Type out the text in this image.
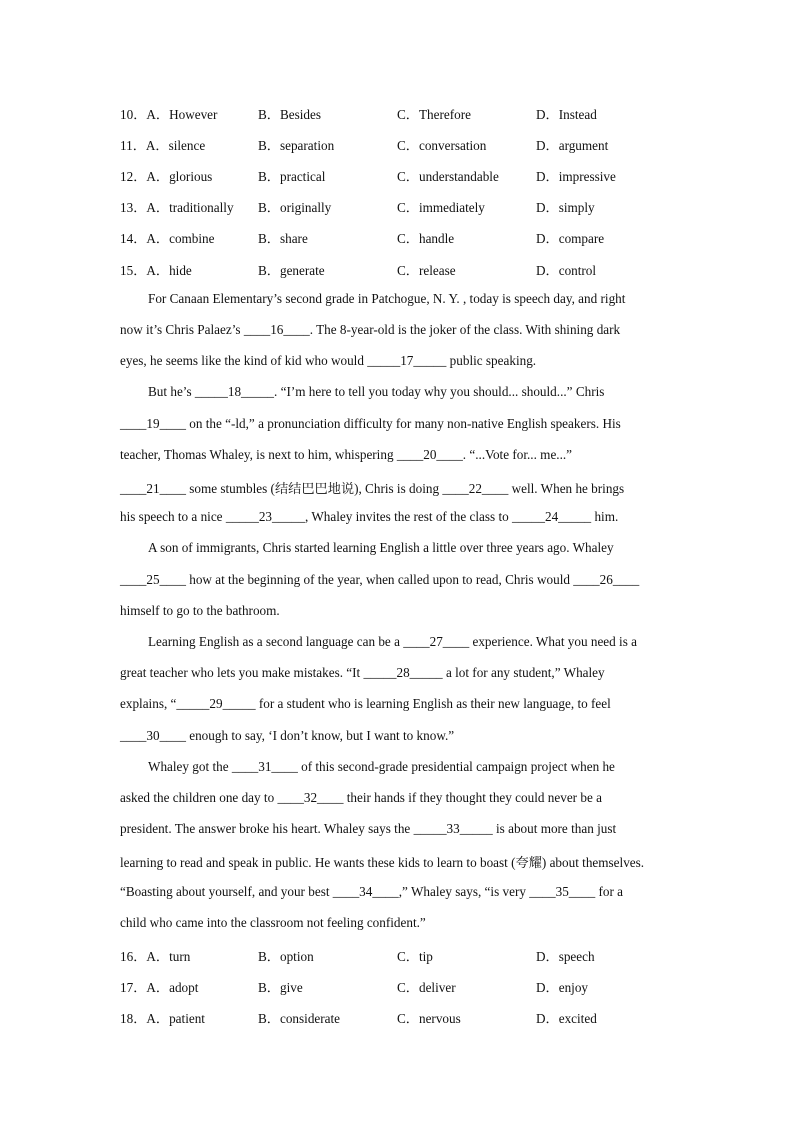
10．A．However	B．Besides	C．Therefore	D．Instead
11．A．silence	B．separation	C．conversation	D．argument
12．A．glorious	B．practical	C．understandable	D．impressive
13．A．traditionally B．originally	C．immediately	D．simply
14．A．combine	B．share	C．handle	D．compare
15．A．hide	B．generate	C．release	D．control
For Canaan Elementary’s second grade in Patchogue, N. Y. , today is speech day, and right
now it’s Chris Palaez’s ____16____. The 8-year-old is the joker of the class. With shining dark
eyes, he seems like the kind of kid who would _____17_____ public speaking.
But he’s _____18_____. “I’m here to tell you today why you should... should...” Chris
____19____ on the “-ld,” a pronunciation difficulty for many non-native English speakers. His
teacher, Thomas Whaley, is next to him, whispering ____20____. “...Vote for... me...”
____21____ some stumbles (结结巴巴地说), Chris is doing ____22____ well. When he brings
his speech to a nice _____23_____, Whaley invites the rest of the class to _____24_____ him.
A son of immigrants, Chris started learning English a little over three years ago. Whaley
____25____ how at the beginning of the year, when called upon to read, Chris would ____26____
himself to go to the bathroom.
Learning English as a second language can be a ____27____ experience. What you need is a
great teacher who lets you make mistakes. “It _____28_____ a lot for any student,” Whaley
explains, “_____29_____ for a student who is learning English as their new language, to feel
____30____ enough to say, ‘I don’t know, but I want to know.”
Whaley got the ____31____ of this second-grade presidential campaign project when he
asked the children one day to ____32____ their hands if they thought they could never be a
president. The answer broke his heart. Whaley says the _____33_____ is about more than just
learning to read and speak in public. He wants these kids to learn to boast (夸耀) about themselves.
“Boasting about yourself, and your best ____34____,” Whaley says, “is very ____35____ for a
child who came into the classroom not feeling confident.”
16．A．turn	B．option	C．tip	D．speech
17．A．adopt	B．give	C．deliver	D．enjoy
18．A．patient	B．considerate	C．nervous	D．excited
